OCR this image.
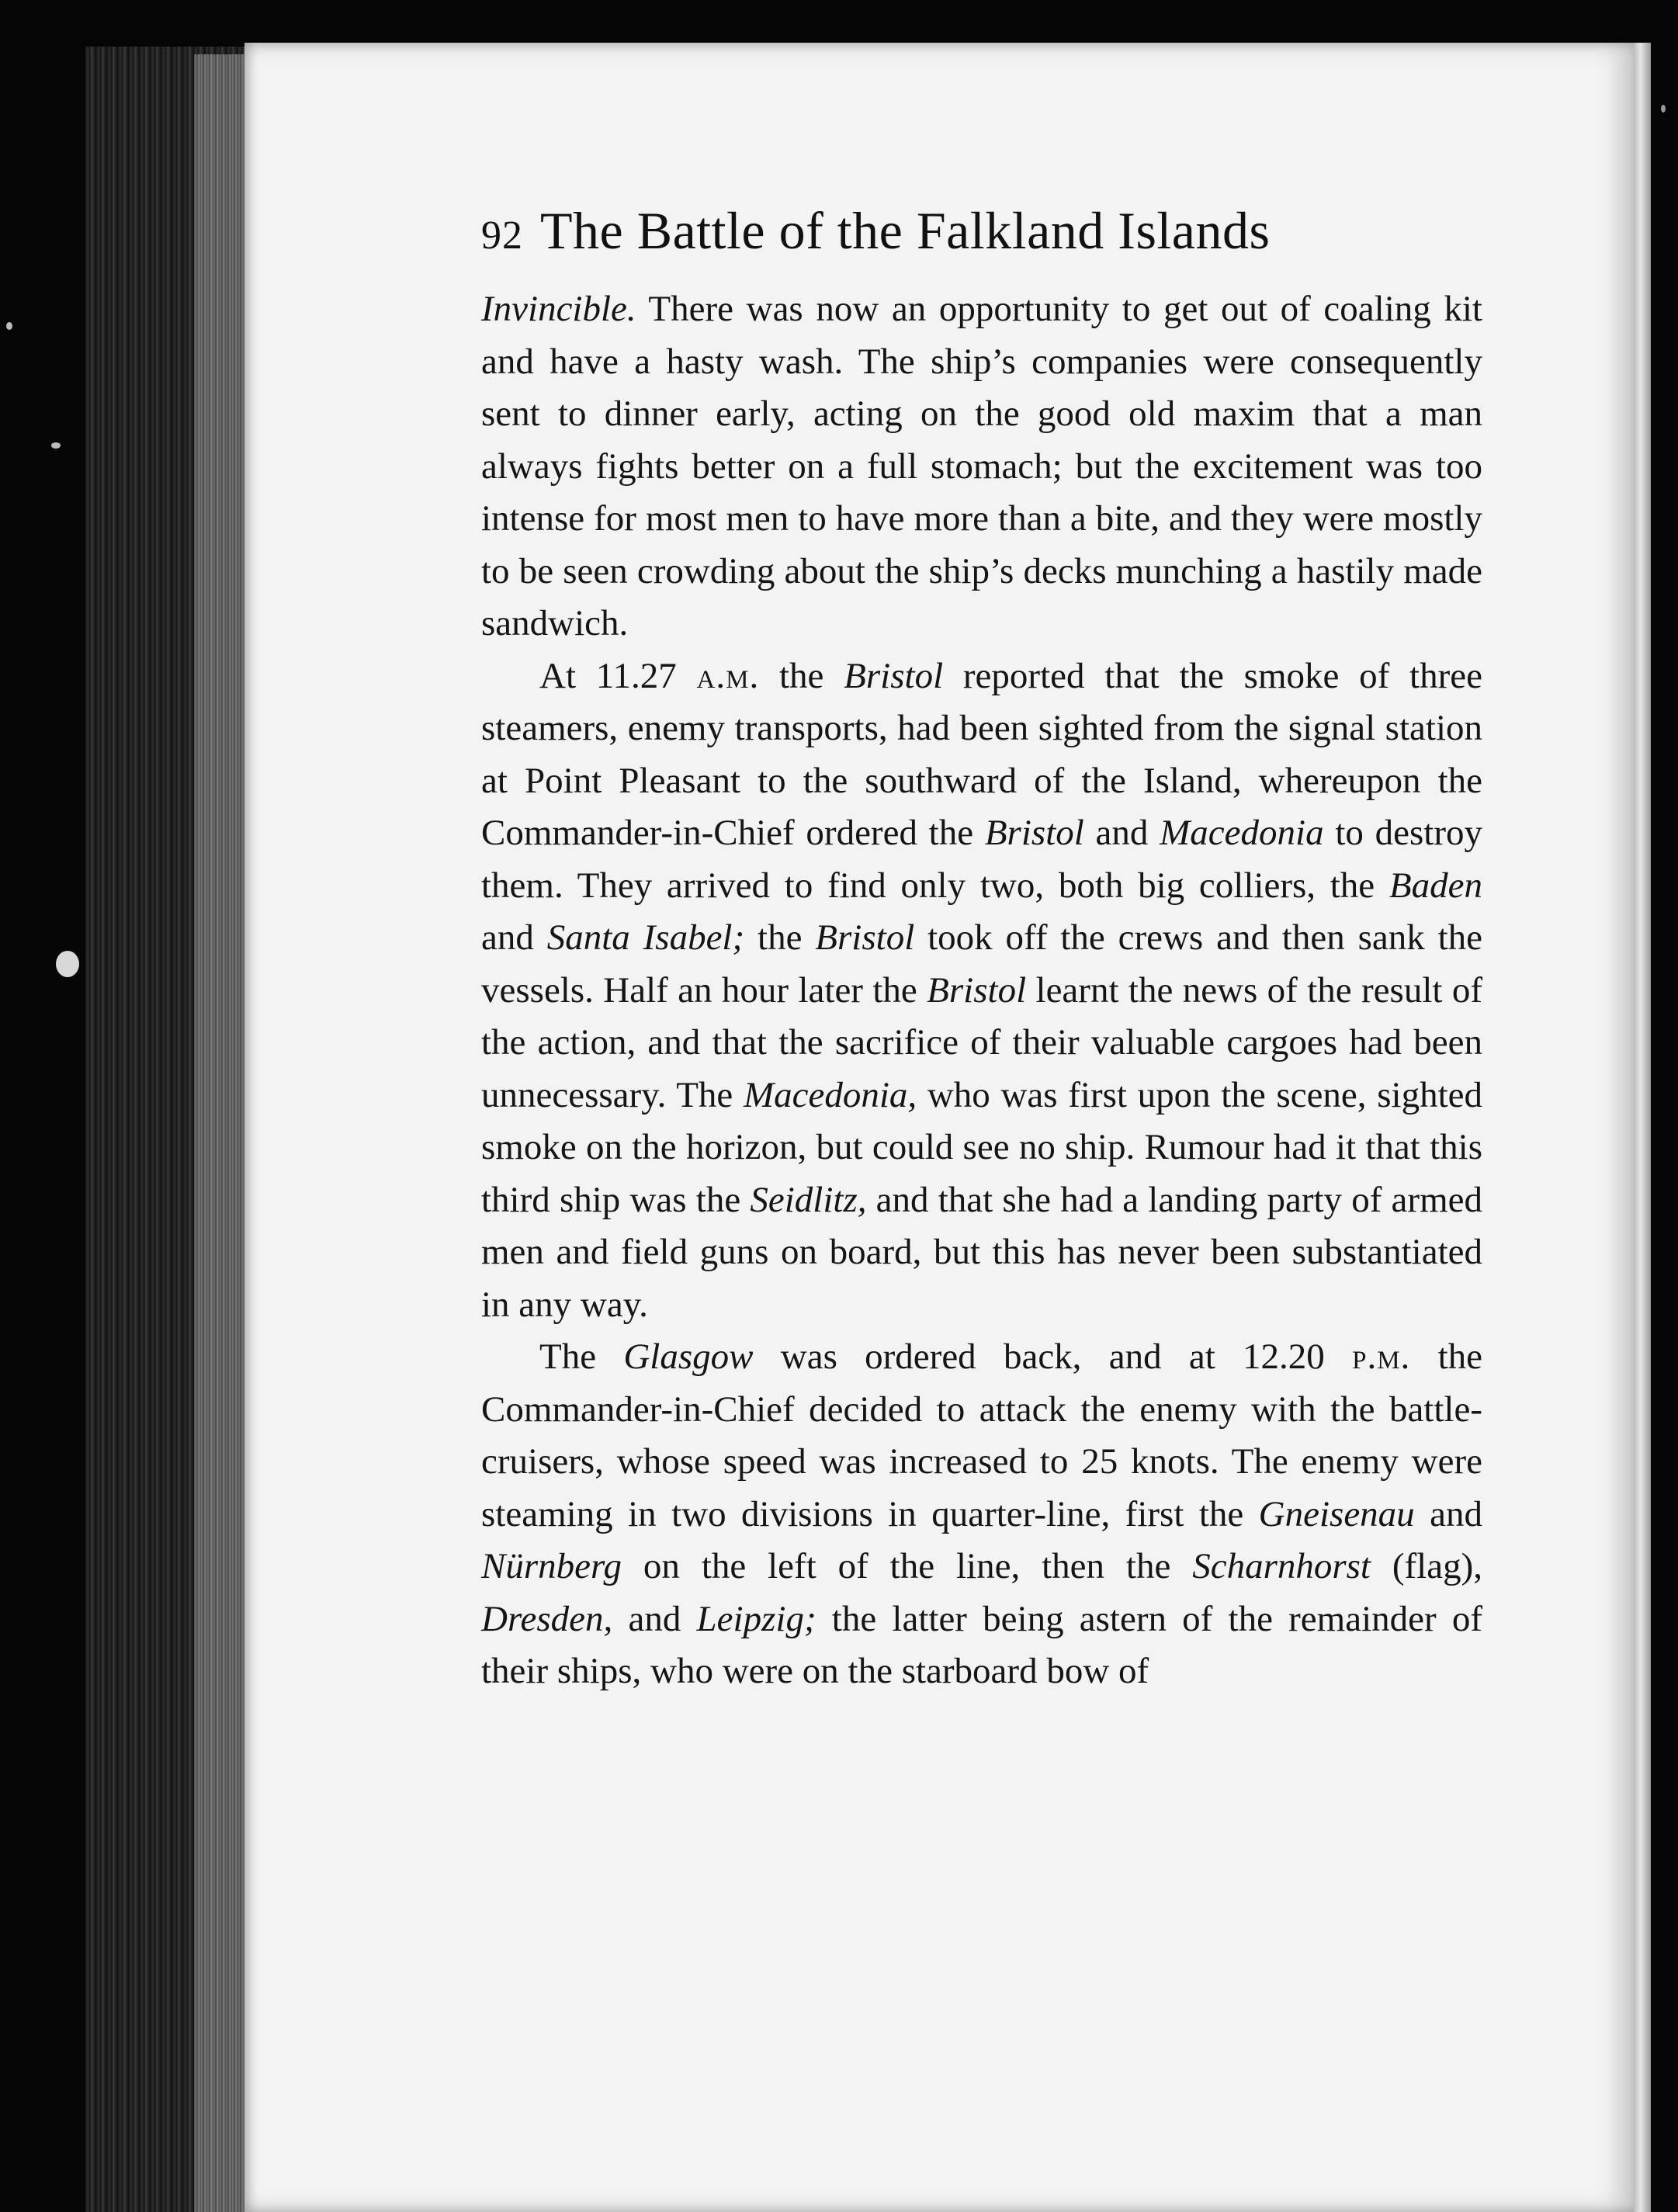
92 The Battle of the Falkland Islands

Invincible. There was now an opportunity to get out of coaling kit and have a hasty wash. The ship’s companies were consequently sent to dinner early, acting on the good old maxim that a man always fights better on a full stomach; but the excitement was too intense for most men to have more than a bite, and they were mostly to be seen crowding about the ship’s decks munching a hastily made sandwich.

At 11.27 a.m. the Bristol reported that the smoke of three steamers, enemy transports, had been sighted from the signal station at Point Pleasant to the southward of the Island, whereupon the Commander-in-Chief ordered the Bristol and Macedonia to destroy them. They arrived to find only two, both big colliers, the Baden and Santa Isabel; the Bristol took off the crews and then sank the vessels. Half an hour later the Bristol learnt the news of the result of the action, and that the sacrifice of their valuable cargoes had been unnecessary. The Macedonia, who was first upon the scene, sighted smoke on the horizon, but could see no ship. Rumour had it that this third ship was the Seidlitz, and that she had a landing party of armed men and field guns on board, but this has never been substantiated in any way.

The Glasgow was ordered back, and at 12.20 p.m. the Commander-in-Chief decided to attack the enemy with the battle-cruisers, whose speed was increased to 25 knots. The enemy were steaming in two divisions in quarter-line, first the Gneisenau and Nürnberg on the left of the line, then the Scharnhorst (flag), Dresden, and Leipzig; the latter being astern of the remainder of their ships, who were on the starboard bow of
